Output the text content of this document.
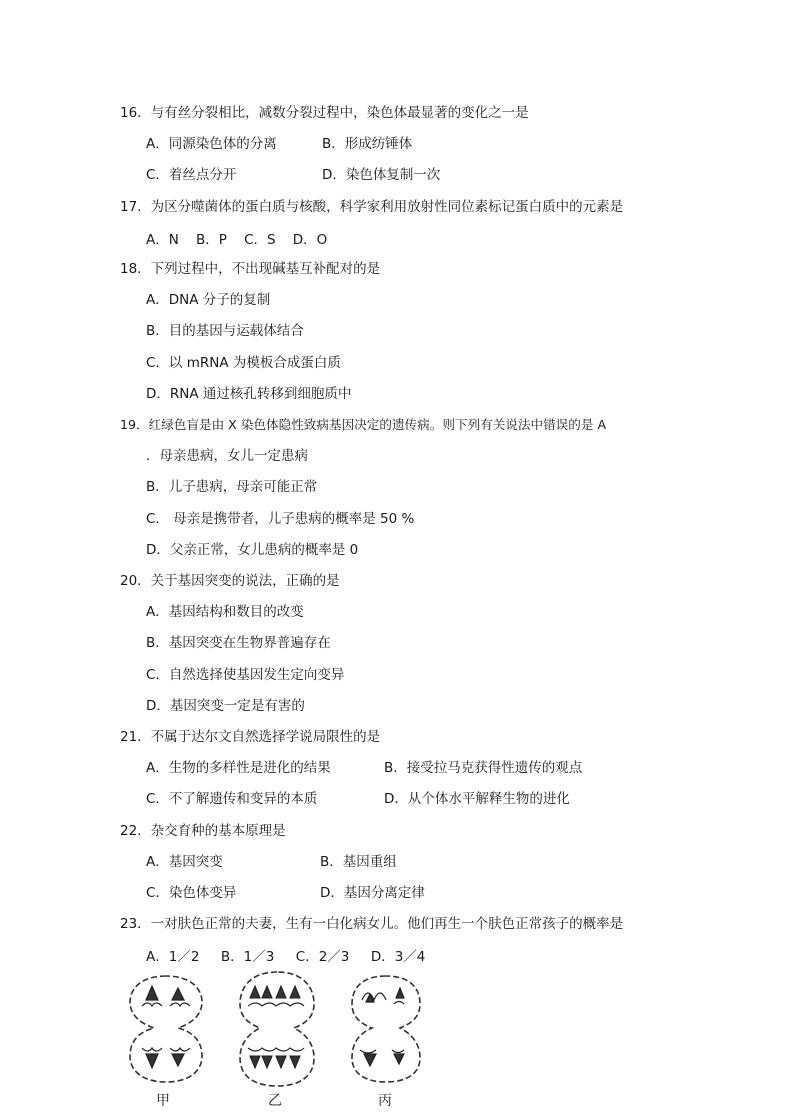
16．与有丝分裂相比，减数分裂过程中，染色体最显著的变化之一是
A．同源染色体的分离	B．形成纺锤体
C．着丝点分开	D．染色体复制一次
17．为区分噬菌体的蛋白质与核酸，科学家利用放射性同位素标记蛋白质中的元素是
A．N    B．P    C．S    D．O
18．下列过程中，不出现碱基互补配对的是
A．DNA 分子的复制
B．目的基因与运载体结合
C．以 mRNA 为模板合成蛋白质
D．RNA 通过核孔转移到细胞质中
19．红绿色盲是由 X 染色体隐性致病基因决定的遗传病。则下列有关说法中错误的是 A
．母亲患病，女儿一定患病
B．儿子患病，母亲可能正常
C． 母亲是携带者，儿子患病的概率是 50 %
D．父亲正常，女儿患病的概率是 0
20．关于基因突变的说法，正确的是
A．基因结构和数目的改变
B．基因突变在生物界普遍存在
C．自然选择使基因发生定向变异
D．基因突变一定是有害的
21．不属于达尔文自然选择学说局限性的是
A．生物的多样性是进化的结果	B．接受拉马克获得性遗传的观点
C．不了解遗传和变异的本质	D．从个体水平解释生物的进化
22．杂交育种的基本原理是
A．基因突变	B．基因重组
C．染色体变异	D．基因分离定律
23．一对肤色正常的夫妻，生有一白化病女儿。他们再生一个肤色正常孩子的概率是
A．1／2     B．1／3     C．2／3     D．3／4
甲	乙	丙
